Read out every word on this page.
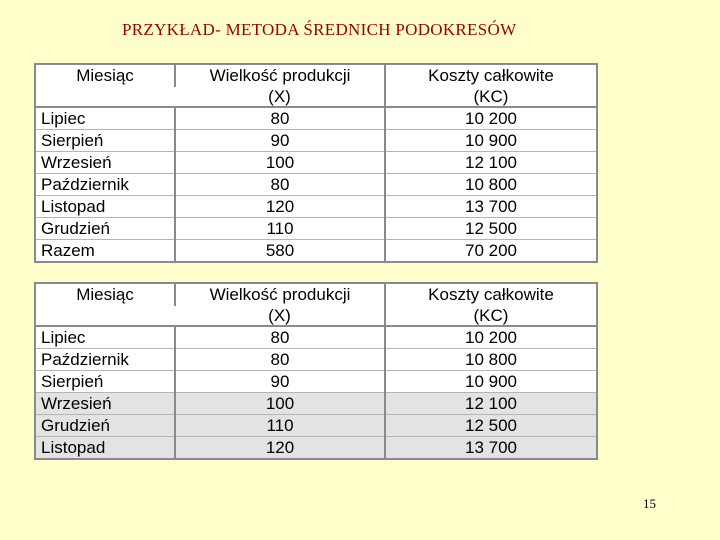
PRZYKŁAD- METODA ŚREDNICH PODOKRESÓW
Miesiąc	Wielkość produkcji	Koszty całkowite
	(X)	(KC)
Lipiec	80	10 200
Sierpień	90	10 900
Wrzesień	100	12 100
Październik	80	10 800
Listopad	120	13 700
Grudzień	110	12 500
Razem	580	70 200
Miesiąc	Wielkość produkcji	Koszty całkowite
	(X)	(KC)
Lipiec	80	10 200
Październik	80	10 800
Sierpień	90	10 900
Wrzesień	100	12 100
Grudzień	110	12 500
Listopad	120	13 700
15
